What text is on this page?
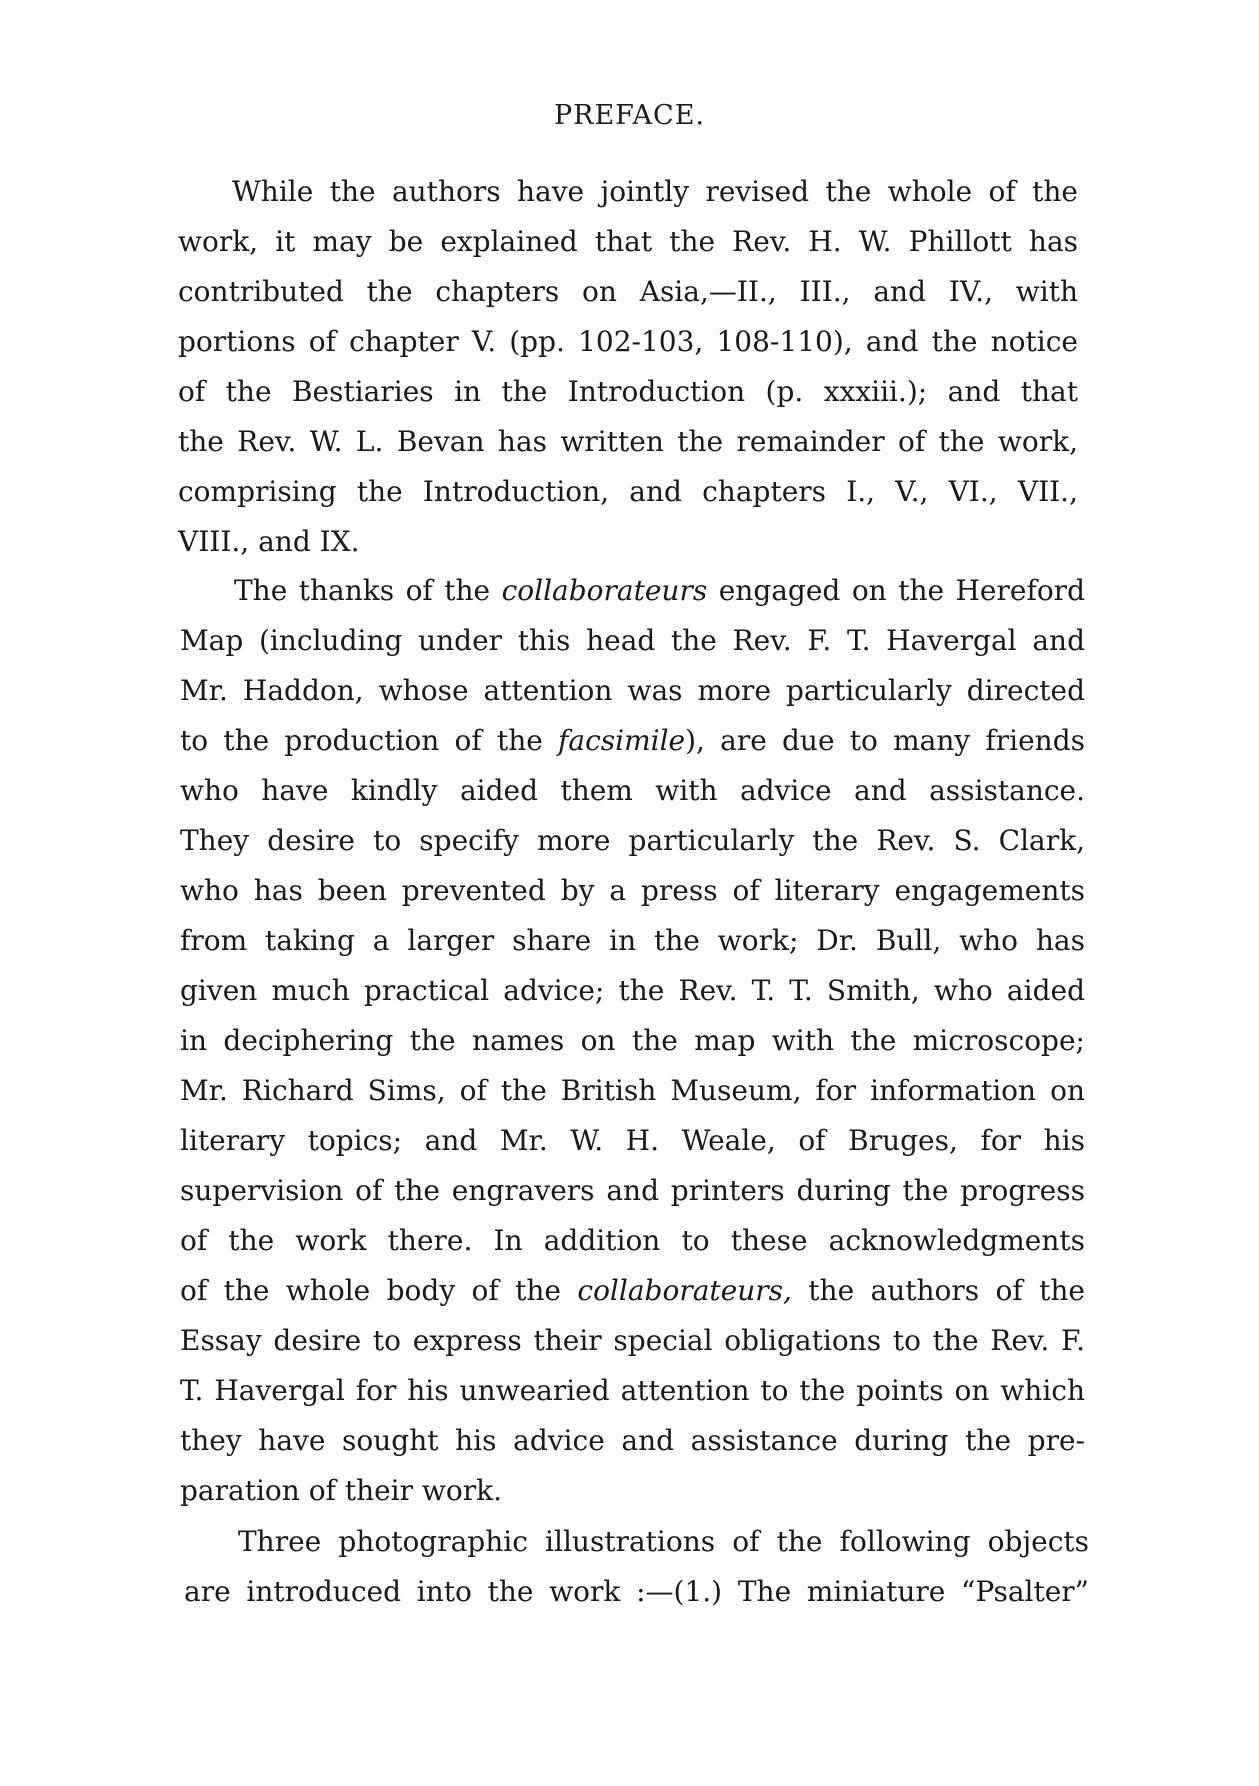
PREFACE.
While the authors have jointly revised the whole of the
work, it may be explained that the Rev. H. W. Phillott has
contributed the chapters on Asia,—II., III., and IV., with
portions of chapter V. (pp. 102-103, 108-110), and the notice
of the Bestiaries in the Introduction (p. xxxiii.); and that
the Rev. W. L. Bevan has written the remainder of the work,
comprising the Introduction, and chapters I., V., VI., VII.,
VIII., and IX.
The thanks of the collaborateurs engaged on the Hereford
Map (including under this head the Rev. F. T. Havergal and
Mr. Haddon, whose attention was more particularly directed
to the production of the facsimile), are due to many friends
who have kindly aided them with advice and assistance.
They desire to specify more particularly the Rev. S. Clark,
who has been prevented by a press of literary engagements
from taking a larger share in the work; Dr. Bull, who has
given much practical advice; the Rev. T. T. Smith, who aided
in deciphering the names on the map with the microscope;
Mr. Richard Sims, of the British Museum, for information on
literary topics; and Mr. W. H. Weale, of Bruges, for his
supervision of the engravers and printers during the progress
of the work there. In addition to these acknowledgments
of the whole body of the collaborateurs, the authors of the
Essay desire to express their special obligations to the Rev. F.
T. Havergal for his unwearied attention to the points on which
they have sought his advice and assistance during the pre-
paration of their work.
Three photographic illustrations of the following objects
are introduced into the work :—(1.) The miniature “Psalter”
